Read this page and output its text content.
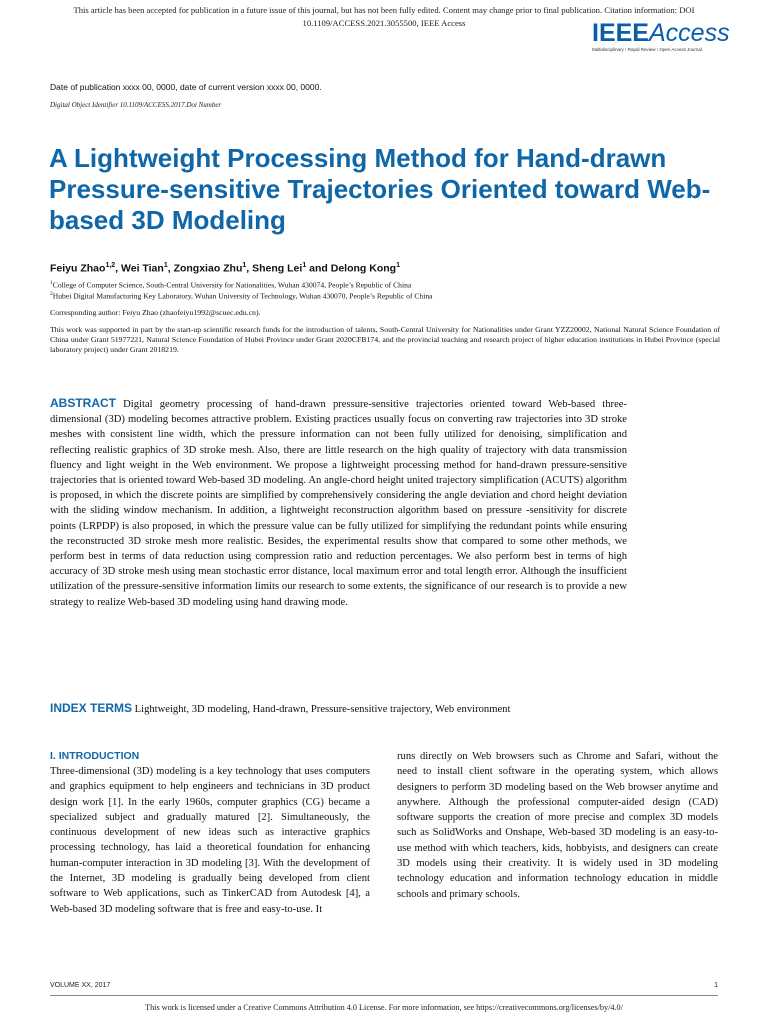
This article has been accepted for publication in a future issue of this journal, but has not been fully edited. Content may change prior to final publication. Citation information: DOI
10.1109/ACCESS.2021.3055500, IEEE Access	IEEEAccess
Multidisciplinary ⁝ Rapid Review ⁝ Open Access Journal
Date of publication xxxx 00, 0000, date of current version xxxx 00, 0000.
Digital Object Identifier 10.1109/ACCESS.2017.Doi Number
A Lightweight Processing Method for Hand-drawn Pressure-sensitive Trajectories Oriented toward Web-based 3D Modeling
Feiyu Zhao$^{1,2}$, Wei Tian$^1$, Zongxiao Zhu$^1$, Sheng Lei$^1$ and Delong Kong$^1$
$^1$College of Computer Science, South-Central University for Nationalities, Wuhan 430074, People’s Republic of China
$^2$Hubei Digital Manufacturing Key Laboratory, Wuhan University of Technology, Wuhan 430070, People’s Republic of China
Corresponding author: Feiyu Zhao (zhaofeiyu1992@scuec.edu.cn).
This work was supported in part by the start-up scientific research funds for the introduction of talents, South-Central University for Nationalities under Grant YZZ20002, National Natural Science Foundation of China under Grant 51977221, Natural Science Foundation of Hubei Province under Grant 2020CFB174, and the provincial teaching and research project of higher education institutions in Hubei Province (special laboratory project) under Grant 2018219.
ABSTRACT Digital geometry processing of hand-drawn pressure-sensitive trajectories oriented toward Web-based three-dimensional (3D) modeling becomes attractive problem. Existing practices usually focus on converting raw trajectories into 3D stroke meshes with consistent line width, which the pressure information can not been fully utilized for denoising, simplification and reflecting realistic graphics of 3D stroke mesh. Also, there are little research on the high quality of trajectory with data transmission fluency and light weight in the Web environment. We propose a lightweight processing method for hand-drawn pressure-sensitive trajectories that is oriented toward Web-based 3D modeling. An angle-chord height united trajectory simplification (ACUTS) algorithm is proposed, in which the discrete points are simplified by comprehensively considering the angle deviation and chord height deviation with the sliding window mechanism. In addition, a lightweight reconstruction algorithm based on pressure -sensitivity for discrete points (LRPDP) is also proposed, in which the pressure value can be fully utilized for simplifying the redundant points while ensuring the reconstructed 3D stroke mesh more realistic. Besides, the experimental results show that compared to some other methods, we perform best in terms of data reduction using compression ratio and reduction percentages. We also perform best in terms of high accuracy of 3D stroke mesh using mean stochastic error distance, local maximum error and total length error. Although the insufficient utilization of the pressure-sensitive information limits our research to some extents, the significance of our research is to provide a new strategy to realize Web-based 3D modeling using hand drawing mode.
INDEX TERMS Lightweight, 3D modeling, Hand-drawn, Pressure-sensitive trajectory, Web environment
I. INTRODUCTION
Three-dimensional (3D) modeling is a key technology that uses computers and graphics equipment to help engineers and technicians in 3D product design work [1]. In the early 1960s, computer graphics (CG) became a specialized subject and gradually matured [2]. Simultaneously, the continuous development of new ideas such as interactive graphics processing technology, has laid a theoretical foundation for enhancing human-computer interaction in 3D modeling [3]. With the development of the Internet, 3D modeling is gradually being developed from client software to Web applications, such as TinkerCAD from Autodesk [4], a Web-based 3D modeling software that is free and easy-to-use. It
runs directly on Web browsers such as Chrome and Safari, without the need to install client software in the operating system, which allows designers to perform 3D modeling based on the Web browser anytime and anywhere. Although the professional computer-aided design (CAD) software supports the creation of more precise and complex 3D models such as SolidWorks and Onshape, Web-based 3D modeling is an easy-to-use method with which teachers, kids, hobbyists, and designers can create 3D models using their creativity. It is widely used in 3D modeling technology education and information technology education in middle schools and primary schools.
VOLUME XX, 2017	1
This work is licensed under a Creative Commons Attribution 4.0 License. For more information, see https://creativecommons.org/licenses/by/4.0/
